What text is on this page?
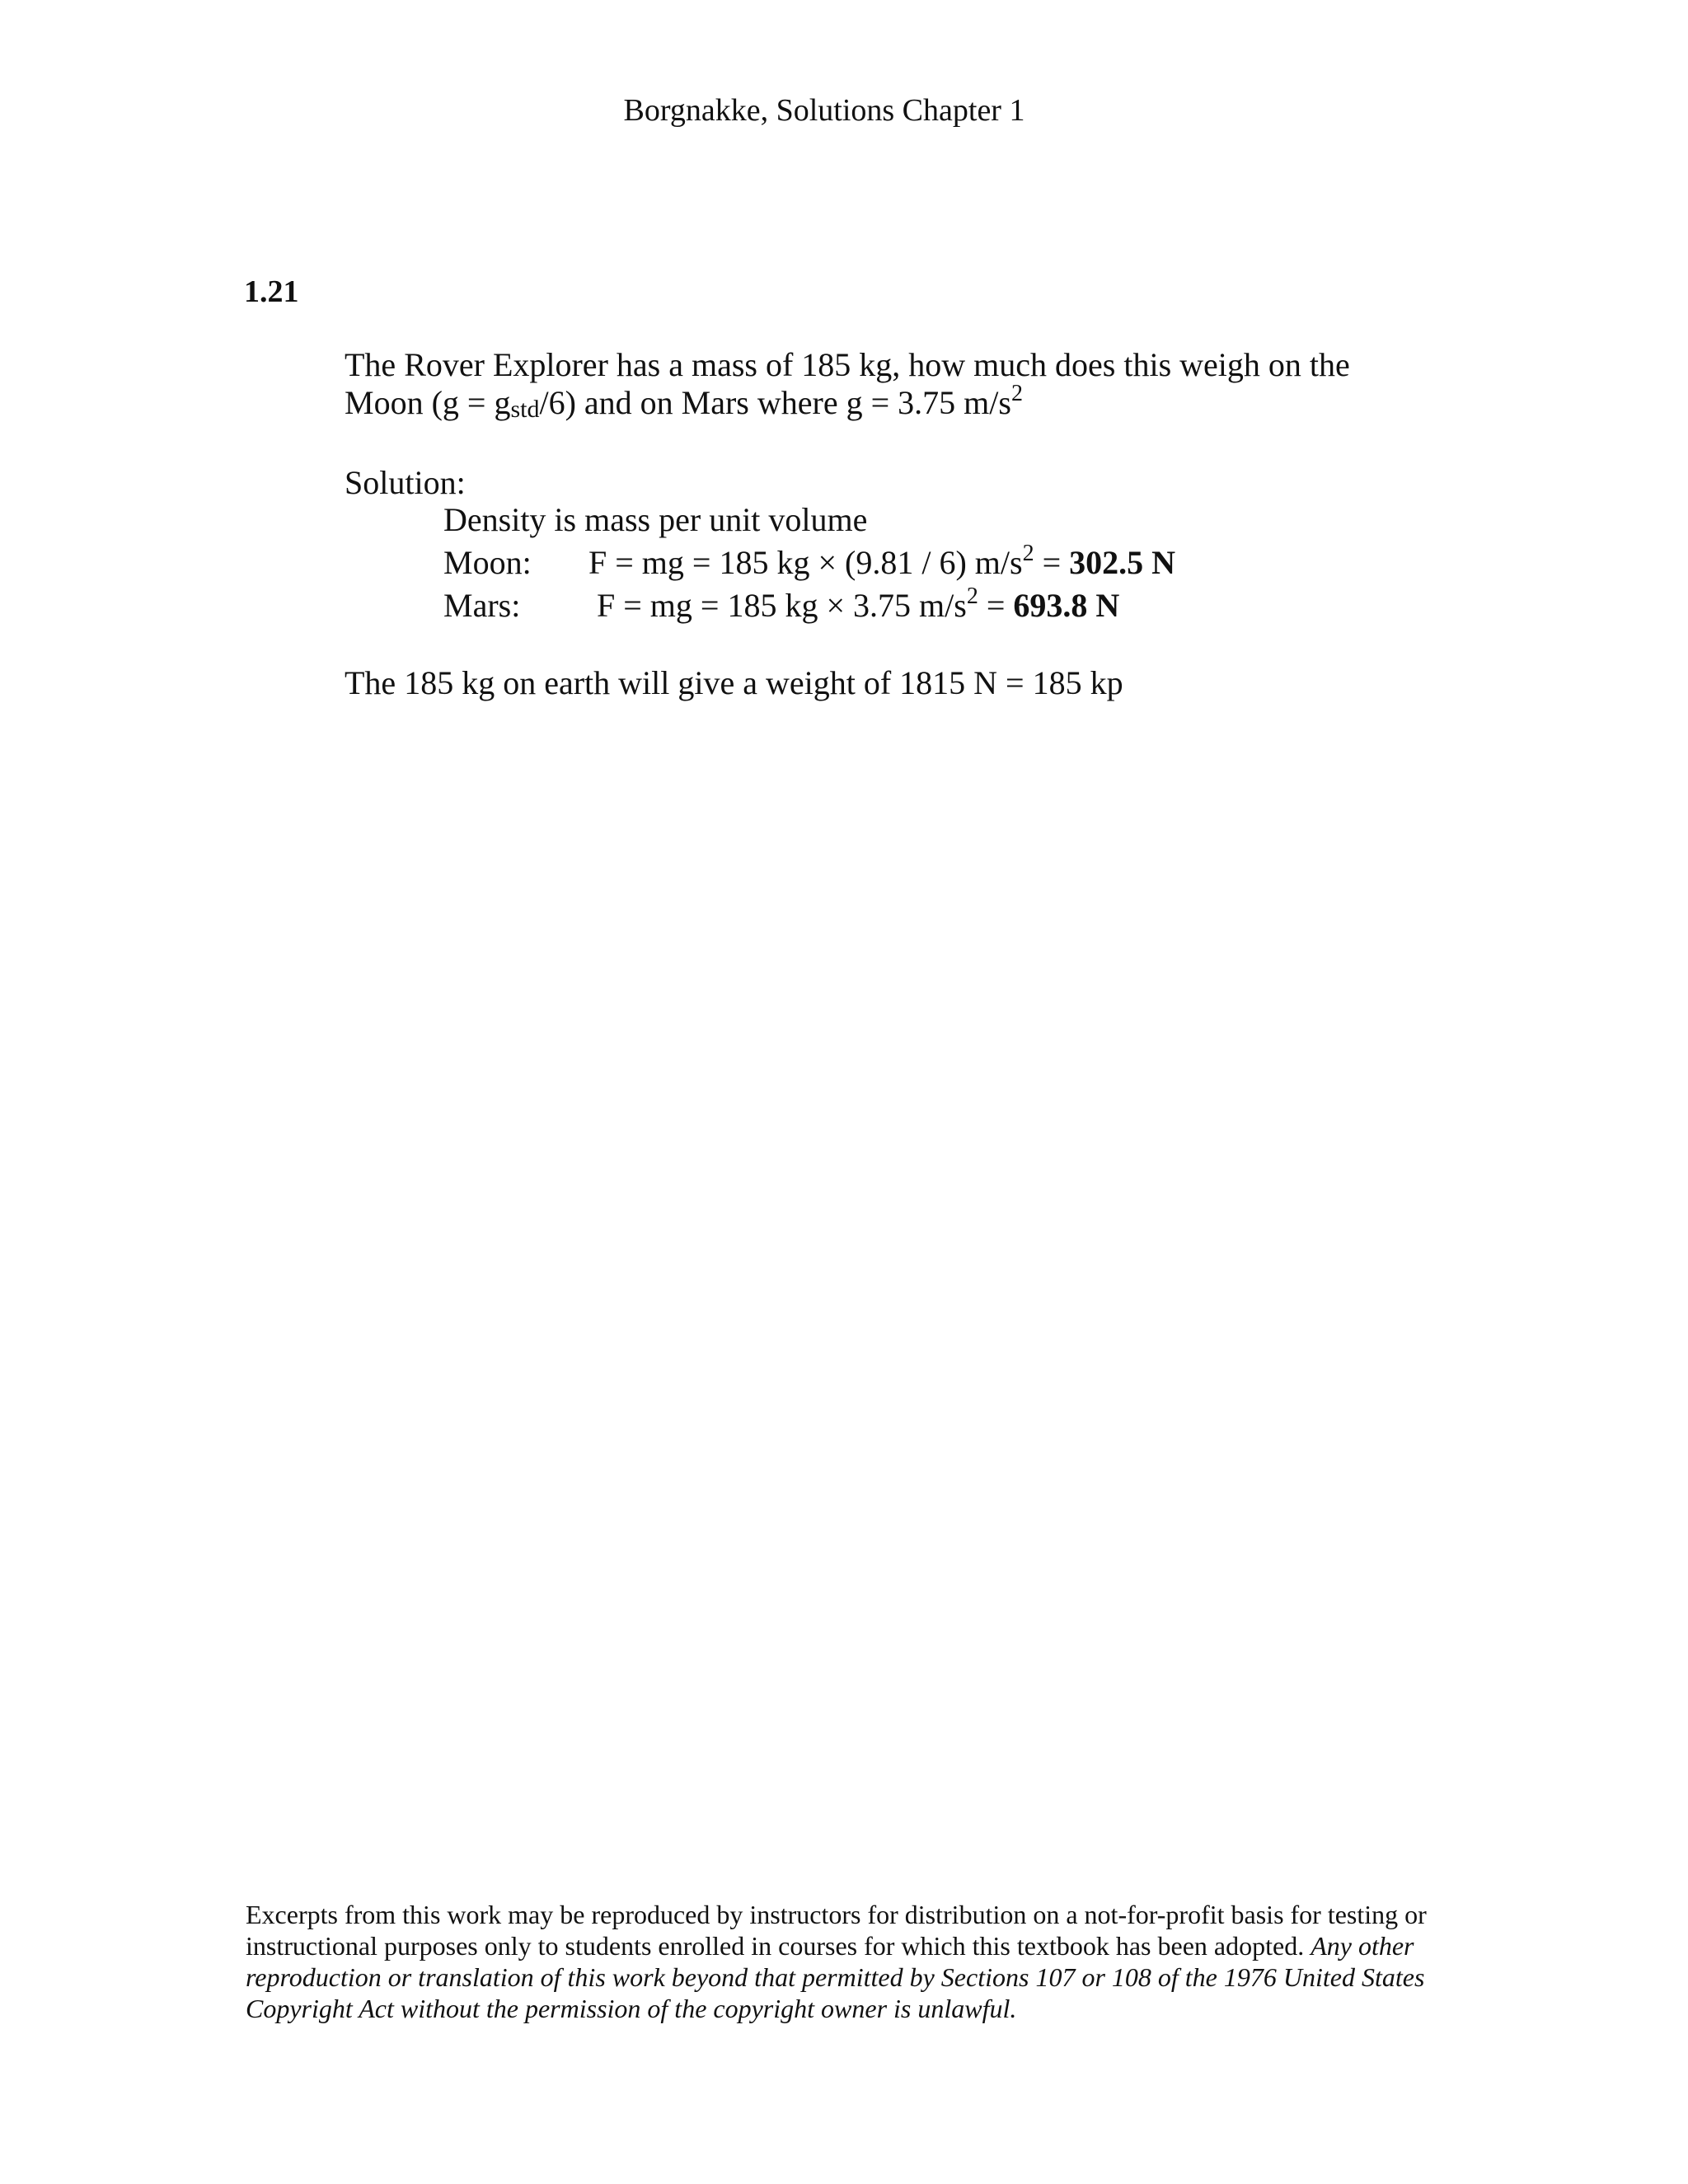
Borgnakke, Solutions Chapter 1
1.21
The Rover Explorer has a mass of 185 kg, how much does this weigh on the
Moon $(g = g_{std}/6)$ and on Mars where g = 3.75 $m/s^2$
Solution:
Density is mass per unit volume
Moon: F = mg = 185 kg × (9.81 / 6) $m/s^2 = 302.5$ N
Mars: F = mg = 185 kg × 3.75 $m/s^2 = 693.8$ N
The 185 kg on earth will give a weight of 1815 N = 185 kp
Excerpts from this work may be reproduced by instructors for distribution on a not-for-profit basis for testing or instructional purposes only to students enrolled in courses for which this textbook has been adopted. Any other reproduction or translation of this work beyond that permitted by Sections 107 or 108 of the 1976 United States Copyright Act without the permission of the copyright owner is unlawful.
